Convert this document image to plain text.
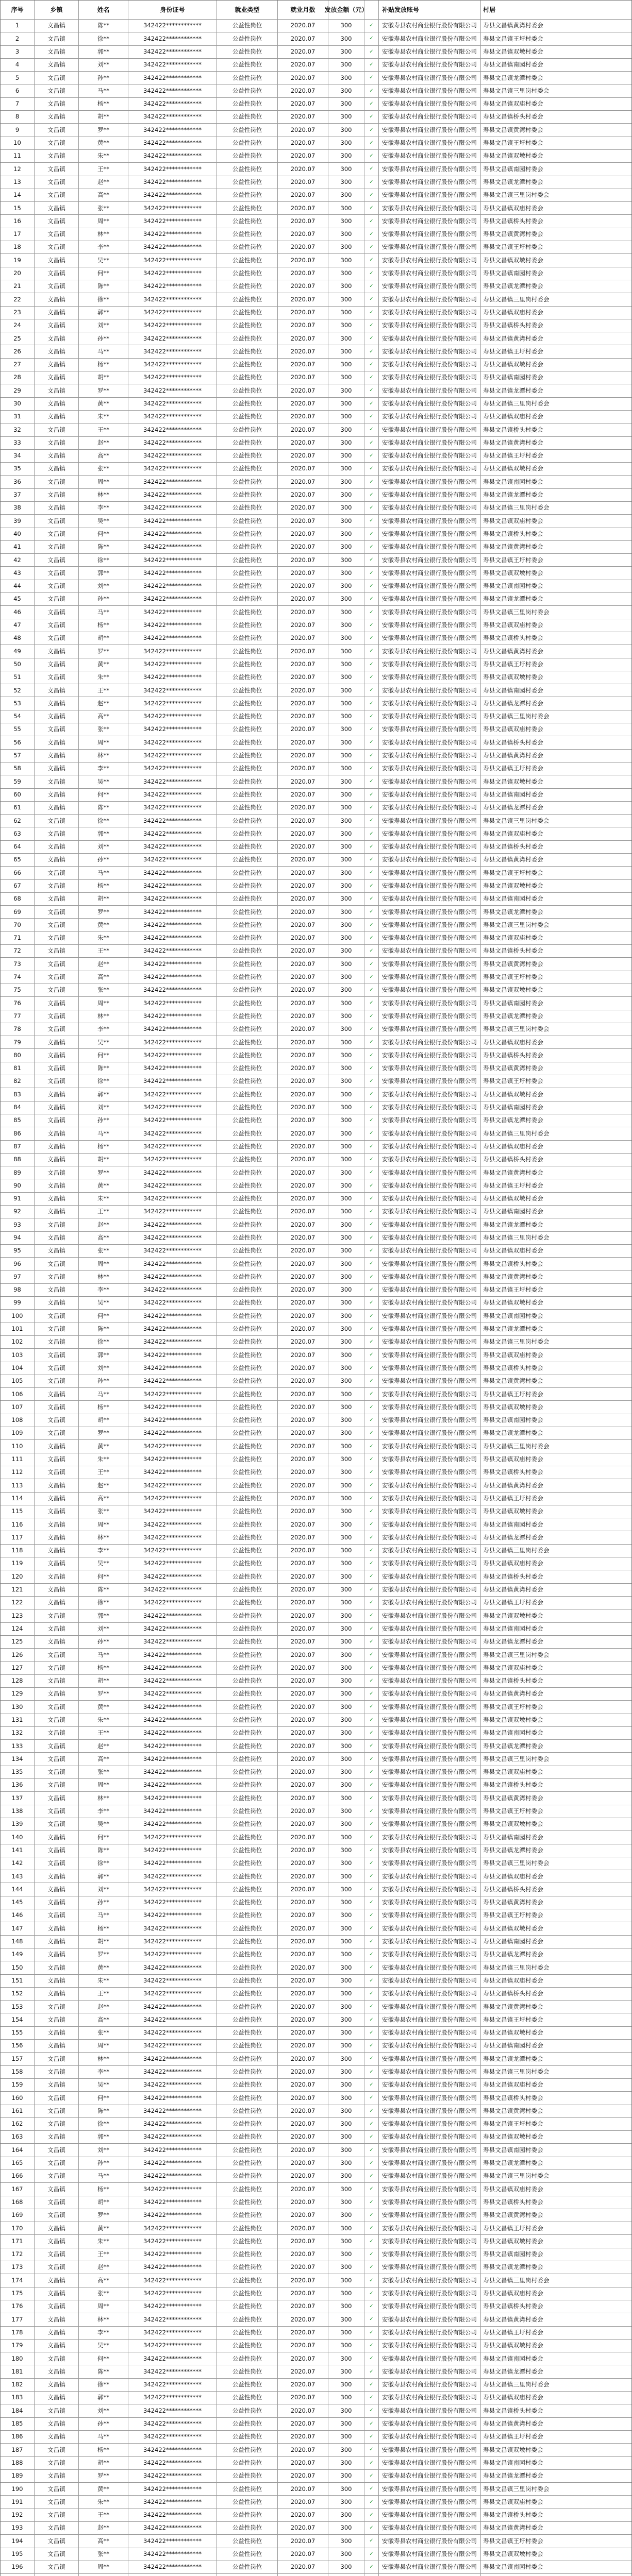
序号	乡镇	姓名	身份证号	就业类型	就业月数	发放金额（元）	补贴发放账号	村居
1	文昌镇	陈**	342422************	公益性岗位	2020.07	300	✓	安徽寿县农村商业银行股份有限公司	寿县文昌镇黄湾村委会
2	文昌镇	徐**	342422************	公益性岗位	2020.07	300	✓	安徽寿县农村商业银行股份有限公司	寿县文昌镇王圩村委会
3	文昌镇	郭**	342422************	公益性岗位	2020.07	300	✓	安徽寿县农村商业银行股份有限公司	寿县文昌镇双墩村委会
4	文昌镇	刘**	342422************	公益性岗位	2020.07	300	✓	安徽寿县农村商业银行股份有限公司	寿县文昌镇南园村委会
5	文昌镇	孙**	342422************	公益性岗位	2020.07	300	✓	安徽寿县农村商业银行股份有限公司	寿县文昌镇龙潭村委会
6	文昌镇	马**	342422************	公益性岗位	2020.07	300	✓	安徽寿县农村商业银行股份有限公司	寿县文昌镇三里岗村委会
7	文昌镇	杨**	342422************	公益性岗位	2020.07	300	✓	安徽寿县农村商业银行股份有限公司	寿县文昌镇双庙村委会
8	文昌镇	胡**	342422************	公益性岗位	2020.07	300	✓	安徽寿县农村商业银行股份有限公司	寿县文昌镇桥头村委会
9	文昌镇	罗**	342422************	公益性岗位	2020.07	300	✓	安徽寿县农村商业银行股份有限公司	寿县文昌镇黄湾村委会
10	文昌镇	黄**	342422************	公益性岗位	2020.07	300	✓	安徽寿县农村商业银行股份有限公司	寿县文昌镇王圩村委会
11	文昌镇	朱**	342422************	公益性岗位	2020.07	300	✓	安徽寿县农村商业银行股份有限公司	寿县文昌镇双墩村委会
12	文昌镇	王**	342422************	公益性岗位	2020.07	300	✓	安徽寿县农村商业银行股份有限公司	寿县文昌镇南园村委会
13	文昌镇	赵**	342422************	公益性岗位	2020.07	300	✓	安徽寿县农村商业银行股份有限公司	寿县文昌镇龙潭村委会
14	文昌镇	高**	342422************	公益性岗位	2020.07	300	✓	安徽寿县农村商业银行股份有限公司	寿县文昌镇三里岗村委会
15	文昌镇	张**	342422************	公益性岗位	2020.07	300	✓	安徽寿县农村商业银行股份有限公司	寿县文昌镇双庙村委会
16	文昌镇	周**	342422************	公益性岗位	2020.07	300	✓	安徽寿县农村商业银行股份有限公司	寿县文昌镇桥头村委会
17	文昌镇	林**	342422************	公益性岗位	2020.07	300	✓	安徽寿县农村商业银行股份有限公司	寿县文昌镇黄湾村委会
18	文昌镇	李**	342422************	公益性岗位	2020.07	300	✓	安徽寿县农村商业银行股份有限公司	寿县文昌镇王圩村委会
19	文昌镇	吴**	342422************	公益性岗位	2020.07	300	✓	安徽寿县农村商业银行股份有限公司	寿县文昌镇双墩村委会
20	文昌镇	何**	342422************	公益性岗位	2020.07	300	✓	安徽寿县农村商业银行股份有限公司	寿县文昌镇南园村委会
21	文昌镇	陈**	342422************	公益性岗位	2020.07	300	✓	安徽寿县农村商业银行股份有限公司	寿县文昌镇龙潭村委会
22	文昌镇	徐**	342422************	公益性岗位	2020.07	300	✓	安徽寿县农村商业银行股份有限公司	寿县文昌镇三里岗村委会
23	文昌镇	郭**	342422************	公益性岗位	2020.07	300	✓	安徽寿县农村商业银行股份有限公司	寿县文昌镇双庙村委会
24	文昌镇	刘**	342422************	公益性岗位	2020.07	300	✓	安徽寿县农村商业银行股份有限公司	寿县文昌镇桥头村委会
25	文昌镇	孙**	342422************	公益性岗位	2020.07	300	✓	安徽寿县农村商业银行股份有限公司	寿县文昌镇黄湾村委会
26	文昌镇	马**	342422************	公益性岗位	2020.07	300	✓	安徽寿县农村商业银行股份有限公司	寿县文昌镇王圩村委会
27	文昌镇	杨**	342422************	公益性岗位	2020.07	300	✓	安徽寿县农村商业银行股份有限公司	寿县文昌镇双墩村委会
28	文昌镇	胡**	342422************	公益性岗位	2020.07	300	✓	安徽寿县农村商业银行股份有限公司	寿县文昌镇南园村委会
29	文昌镇	罗**	342422************	公益性岗位	2020.07	300	✓	安徽寿县农村商业银行股份有限公司	寿县文昌镇龙潭村委会
30	文昌镇	黄**	342422************	公益性岗位	2020.07	300	✓	安徽寿县农村商业银行股份有限公司	寿县文昌镇三里岗村委会
31	文昌镇	朱**	342422************	公益性岗位	2020.07	300	✓	安徽寿县农村商业银行股份有限公司	寿县文昌镇双庙村委会
32	文昌镇	王**	342422************	公益性岗位	2020.07	300	✓	安徽寿县农村商业银行股份有限公司	寿县文昌镇桥头村委会
33	文昌镇	赵**	342422************	公益性岗位	2020.07	300	✓	安徽寿县农村商业银行股份有限公司	寿县文昌镇黄湾村委会
34	文昌镇	高**	342422************	公益性岗位	2020.07	300	✓	安徽寿县农村商业银行股份有限公司	寿县文昌镇王圩村委会
35	文昌镇	张**	342422************	公益性岗位	2020.07	300	✓	安徽寿县农村商业银行股份有限公司	寿县文昌镇双墩村委会
36	文昌镇	周**	342422************	公益性岗位	2020.07	300	✓	安徽寿县农村商业银行股份有限公司	寿县文昌镇南园村委会
37	文昌镇	林**	342422************	公益性岗位	2020.07	300	✓	安徽寿县农村商业银行股份有限公司	寿县文昌镇龙潭村委会
38	文昌镇	李**	342422************	公益性岗位	2020.07	300	✓	安徽寿县农村商业银行股份有限公司	寿县文昌镇三里岗村委会
39	文昌镇	吴**	342422************	公益性岗位	2020.07	300	✓	安徽寿县农村商业银行股份有限公司	寿县文昌镇双庙村委会
40	文昌镇	何**	342422************	公益性岗位	2020.07	300	✓	安徽寿县农村商业银行股份有限公司	寿县文昌镇桥头村委会
41	文昌镇	陈**	342422************	公益性岗位	2020.07	300	✓	安徽寿县农村商业银行股份有限公司	寿县文昌镇黄湾村委会
42	文昌镇	徐**	342422************	公益性岗位	2020.07	300	✓	安徽寿县农村商业银行股份有限公司	寿县文昌镇王圩村委会
43	文昌镇	郭**	342422************	公益性岗位	2020.07	300	✓	安徽寿县农村商业银行股份有限公司	寿县文昌镇双墩村委会
44	文昌镇	刘**	342422************	公益性岗位	2020.07	300	✓	安徽寿县农村商业银行股份有限公司	寿县文昌镇南园村委会
45	文昌镇	孙**	342422************	公益性岗位	2020.07	300	✓	安徽寿县农村商业银行股份有限公司	寿县文昌镇龙潭村委会
46	文昌镇	马**	342422************	公益性岗位	2020.07	300	✓	安徽寿县农村商业银行股份有限公司	寿县文昌镇三里岗村委会
47	文昌镇	杨**	342422************	公益性岗位	2020.07	300	✓	安徽寿县农村商业银行股份有限公司	寿县文昌镇双庙村委会
48	文昌镇	胡**	342422************	公益性岗位	2020.07	300	✓	安徽寿县农村商业银行股份有限公司	寿县文昌镇桥头村委会
49	文昌镇	罗**	342422************	公益性岗位	2020.07	300	✓	安徽寿县农村商业银行股份有限公司	寿县文昌镇黄湾村委会
50	文昌镇	黄**	342422************	公益性岗位	2020.07	300	✓	安徽寿县农村商业银行股份有限公司	寿县文昌镇王圩村委会
51	文昌镇	朱**	342422************	公益性岗位	2020.07	300	✓	安徽寿县农村商业银行股份有限公司	寿县文昌镇双墩村委会
52	文昌镇	王**	342422************	公益性岗位	2020.07	300	✓	安徽寿县农村商业银行股份有限公司	寿县文昌镇南园村委会
53	文昌镇	赵**	342422************	公益性岗位	2020.07	300	✓	安徽寿县农村商业银行股份有限公司	寿县文昌镇龙潭村委会
54	文昌镇	高**	342422************	公益性岗位	2020.07	300	✓	安徽寿县农村商业银行股份有限公司	寿县文昌镇三里岗村委会
55	文昌镇	张**	342422************	公益性岗位	2020.07	300	✓	安徽寿县农村商业银行股份有限公司	寿县文昌镇双庙村委会
56	文昌镇	周**	342422************	公益性岗位	2020.07	300	✓	安徽寿县农村商业银行股份有限公司	寿县文昌镇桥头村委会
57	文昌镇	林**	342422************	公益性岗位	2020.07	300	✓	安徽寿县农村商业银行股份有限公司	寿县文昌镇黄湾村委会
58	文昌镇	李**	342422************	公益性岗位	2020.07	300	✓	安徽寿县农村商业银行股份有限公司	寿县文昌镇王圩村委会
59	文昌镇	吴**	342422************	公益性岗位	2020.07	300	✓	安徽寿县农村商业银行股份有限公司	寿县文昌镇双墩村委会
60	文昌镇	何**	342422************	公益性岗位	2020.07	300	✓	安徽寿县农村商业银行股份有限公司	寿县文昌镇南园村委会
61	文昌镇	陈**	342422************	公益性岗位	2020.07	300	✓	安徽寿县农村商业银行股份有限公司	寿县文昌镇龙潭村委会
62	文昌镇	徐**	342422************	公益性岗位	2020.07	300	✓	安徽寿县农村商业银行股份有限公司	寿县文昌镇三里岗村委会
63	文昌镇	郭**	342422************	公益性岗位	2020.07	300	✓	安徽寿县农村商业银行股份有限公司	寿县文昌镇双庙村委会
64	文昌镇	刘**	342422************	公益性岗位	2020.07	300	✓	安徽寿县农村商业银行股份有限公司	寿县文昌镇桥头村委会
65	文昌镇	孙**	342422************	公益性岗位	2020.07	300	✓	安徽寿县农村商业银行股份有限公司	寿县文昌镇黄湾村委会
66	文昌镇	马**	342422************	公益性岗位	2020.07	300	✓	安徽寿县农村商业银行股份有限公司	寿县文昌镇王圩村委会
67	文昌镇	杨**	342422************	公益性岗位	2020.07	300	✓	安徽寿县农村商业银行股份有限公司	寿县文昌镇双墩村委会
68	文昌镇	胡**	342422************	公益性岗位	2020.07	300	✓	安徽寿县农村商业银行股份有限公司	寿县文昌镇南园村委会
69	文昌镇	罗**	342422************	公益性岗位	2020.07	300	✓	安徽寿县农村商业银行股份有限公司	寿县文昌镇龙潭村委会
70	文昌镇	黄**	342422************	公益性岗位	2020.07	300	✓	安徽寿县农村商业银行股份有限公司	寿县文昌镇三里岗村委会
71	文昌镇	朱**	342422************	公益性岗位	2020.07	300	✓	安徽寿县农村商业银行股份有限公司	寿县文昌镇双庙村委会
72	文昌镇	王**	342422************	公益性岗位	2020.07	300	✓	安徽寿县农村商业银行股份有限公司	寿县文昌镇桥头村委会
73	文昌镇	赵**	342422************	公益性岗位	2020.07	300	✓	安徽寿县农村商业银行股份有限公司	寿县文昌镇黄湾村委会
74	文昌镇	高**	342422************	公益性岗位	2020.07	300	✓	安徽寿县农村商业银行股份有限公司	寿县文昌镇王圩村委会
75	文昌镇	张**	342422************	公益性岗位	2020.07	300	✓	安徽寿县农村商业银行股份有限公司	寿县文昌镇双墩村委会
76	文昌镇	周**	342422************	公益性岗位	2020.07	300	✓	安徽寿县农村商业银行股份有限公司	寿县文昌镇南园村委会
77	文昌镇	林**	342422************	公益性岗位	2020.07	300	✓	安徽寿县农村商业银行股份有限公司	寿县文昌镇龙潭村委会
78	文昌镇	李**	342422************	公益性岗位	2020.07	300	✓	安徽寿县农村商业银行股份有限公司	寿县文昌镇三里岗村委会
79	文昌镇	吴**	342422************	公益性岗位	2020.07	300	✓	安徽寿县农村商业银行股份有限公司	寿县文昌镇双庙村委会
80	文昌镇	何**	342422************	公益性岗位	2020.07	300	✓	安徽寿县农村商业银行股份有限公司	寿县文昌镇桥头村委会
81	文昌镇	陈**	342422************	公益性岗位	2020.07	300	✓	安徽寿县农村商业银行股份有限公司	寿县文昌镇黄湾村委会
82	文昌镇	徐**	342422************	公益性岗位	2020.07	300	✓	安徽寿县农村商业银行股份有限公司	寿县文昌镇王圩村委会
83	文昌镇	郭**	342422************	公益性岗位	2020.07	300	✓	安徽寿县农村商业银行股份有限公司	寿县文昌镇双墩村委会
84	文昌镇	刘**	342422************	公益性岗位	2020.07	300	✓	安徽寿县农村商业银行股份有限公司	寿县文昌镇南园村委会
85	文昌镇	孙**	342422************	公益性岗位	2020.07	300	✓	安徽寿县农村商业银行股份有限公司	寿县文昌镇龙潭村委会
86	文昌镇	马**	342422************	公益性岗位	2020.07	300	✓	安徽寿县农村商业银行股份有限公司	寿县文昌镇三里岗村委会
87	文昌镇	杨**	342422************	公益性岗位	2020.07	300	✓	安徽寿县农村商业银行股份有限公司	寿县文昌镇双庙村委会
88	文昌镇	胡**	342422************	公益性岗位	2020.07	300	✓	安徽寿县农村商业银行股份有限公司	寿县文昌镇桥头村委会
89	文昌镇	罗**	342422************	公益性岗位	2020.07	300	✓	安徽寿县农村商业银行股份有限公司	寿县文昌镇黄湾村委会
90	文昌镇	黄**	342422************	公益性岗位	2020.07	300	✓	安徽寿县农村商业银行股份有限公司	寿县文昌镇王圩村委会
91	文昌镇	朱**	342422************	公益性岗位	2020.07	300	✓	安徽寿县农村商业银行股份有限公司	寿县文昌镇双墩村委会
92	文昌镇	王**	342422************	公益性岗位	2020.07	300	✓	安徽寿县农村商业银行股份有限公司	寿县文昌镇南园村委会
93	文昌镇	赵**	342422************	公益性岗位	2020.07	300	✓	安徽寿县农村商业银行股份有限公司	寿县文昌镇龙潭村委会
94	文昌镇	高**	342422************	公益性岗位	2020.07	300	✓	安徽寿县农村商业银行股份有限公司	寿县文昌镇三里岗村委会
95	文昌镇	张**	342422************	公益性岗位	2020.07	300	✓	安徽寿县农村商业银行股份有限公司	寿县文昌镇双庙村委会
96	文昌镇	周**	342422************	公益性岗位	2020.07	300	✓	安徽寿县农村商业银行股份有限公司	寿县文昌镇桥头村委会
97	文昌镇	林**	342422************	公益性岗位	2020.07	300	✓	安徽寿县农村商业银行股份有限公司	寿县文昌镇黄湾村委会
98	文昌镇	李**	342422************	公益性岗位	2020.07	300	✓	安徽寿县农村商业银行股份有限公司	寿县文昌镇王圩村委会
99	文昌镇	吴**	342422************	公益性岗位	2020.07	300	✓	安徽寿县农村商业银行股份有限公司	寿县文昌镇双墩村委会
100	文昌镇	何**	342422************	公益性岗位	2020.07	300	✓	安徽寿县农村商业银行股份有限公司	寿县文昌镇南园村委会
101	文昌镇	陈**	342422************	公益性岗位	2020.07	300	✓	安徽寿县农村商业银行股份有限公司	寿县文昌镇龙潭村委会
102	文昌镇	徐**	342422************	公益性岗位	2020.07	300	✓	安徽寿县农村商业银行股份有限公司	寿县文昌镇三里岗村委会
103	文昌镇	郭**	342422************	公益性岗位	2020.07	300	✓	安徽寿县农村商业银行股份有限公司	寿县文昌镇双庙村委会
104	文昌镇	刘**	342422************	公益性岗位	2020.07	300	✓	安徽寿县农村商业银行股份有限公司	寿县文昌镇桥头村委会
105	文昌镇	孙**	342422************	公益性岗位	2020.07	300	✓	安徽寿县农村商业银行股份有限公司	寿县文昌镇黄湾村委会
106	文昌镇	马**	342422************	公益性岗位	2020.07	300	✓	安徽寿县农村商业银行股份有限公司	寿县文昌镇王圩村委会
107	文昌镇	杨**	342422************	公益性岗位	2020.07	300	✓	安徽寿县农村商业银行股份有限公司	寿县文昌镇双墩村委会
108	文昌镇	胡**	342422************	公益性岗位	2020.07	300	✓	安徽寿县农村商业银行股份有限公司	寿县文昌镇南园村委会
109	文昌镇	罗**	342422************	公益性岗位	2020.07	300	✓	安徽寿县农村商业银行股份有限公司	寿县文昌镇龙潭村委会
110	文昌镇	黄**	342422************	公益性岗位	2020.07	300	✓	安徽寿县农村商业银行股份有限公司	寿县文昌镇三里岗村委会
111	文昌镇	朱**	342422************	公益性岗位	2020.07	300	✓	安徽寿县农村商业银行股份有限公司	寿县文昌镇双庙村委会
112	文昌镇	王**	342422************	公益性岗位	2020.07	300	✓	安徽寿县农村商业银行股份有限公司	寿县文昌镇桥头村委会
113	文昌镇	赵**	342422************	公益性岗位	2020.07	300	✓	安徽寿县农村商业银行股份有限公司	寿县文昌镇黄湾村委会
114	文昌镇	高**	342422************	公益性岗位	2020.07	300	✓	安徽寿县农村商业银行股份有限公司	寿县文昌镇王圩村委会
115	文昌镇	张**	342422************	公益性岗位	2020.07	300	✓	安徽寿县农村商业银行股份有限公司	寿县文昌镇双墩村委会
116	文昌镇	周**	342422************	公益性岗位	2020.07	300	✓	安徽寿县农村商业银行股份有限公司	寿县文昌镇南园村委会
117	文昌镇	林**	342422************	公益性岗位	2020.07	300	✓	安徽寿县农村商业银行股份有限公司	寿县文昌镇龙潭村委会
118	文昌镇	李**	342422************	公益性岗位	2020.07	300	✓	安徽寿县农村商业银行股份有限公司	寿县文昌镇三里岗村委会
119	文昌镇	吴**	342422************	公益性岗位	2020.07	300	✓	安徽寿县农村商业银行股份有限公司	寿县文昌镇双庙村委会
120	文昌镇	何**	342422************	公益性岗位	2020.07	300	✓	安徽寿县农村商业银行股份有限公司	寿县文昌镇桥头村委会
121	文昌镇	陈**	342422************	公益性岗位	2020.07	300	✓	安徽寿县农村商业银行股份有限公司	寿县文昌镇黄湾村委会
122	文昌镇	徐**	342422************	公益性岗位	2020.07	300	✓	安徽寿县农村商业银行股份有限公司	寿县文昌镇王圩村委会
123	文昌镇	郭**	342422************	公益性岗位	2020.07	300	✓	安徽寿县农村商业银行股份有限公司	寿县文昌镇双墩村委会
124	文昌镇	刘**	342422************	公益性岗位	2020.07	300	✓	安徽寿县农村商业银行股份有限公司	寿县文昌镇南园村委会
125	文昌镇	孙**	342422************	公益性岗位	2020.07	300	✓	安徽寿县农村商业银行股份有限公司	寿县文昌镇龙潭村委会
126	文昌镇	马**	342422************	公益性岗位	2020.07	300	✓	安徽寿县农村商业银行股份有限公司	寿县文昌镇三里岗村委会
127	文昌镇	杨**	342422************	公益性岗位	2020.07	300	✓	安徽寿县农村商业银行股份有限公司	寿县文昌镇双庙村委会
128	文昌镇	胡**	342422************	公益性岗位	2020.07	300	✓	安徽寿县农村商业银行股份有限公司	寿县文昌镇桥头村委会
129	文昌镇	罗**	342422************	公益性岗位	2020.07	300	✓	安徽寿县农村商业银行股份有限公司	寿县文昌镇黄湾村委会
130	文昌镇	黄**	342422************	公益性岗位	2020.07	300	✓	安徽寿县农村商业银行股份有限公司	寿县文昌镇王圩村委会
131	文昌镇	朱**	342422************	公益性岗位	2020.07	300	✓	安徽寿县农村商业银行股份有限公司	寿县文昌镇双墩村委会
132	文昌镇	王**	342422************	公益性岗位	2020.07	300	✓	安徽寿县农村商业银行股份有限公司	寿县文昌镇南园村委会
133	文昌镇	赵**	342422************	公益性岗位	2020.07	300	✓	安徽寿县农村商业银行股份有限公司	寿县文昌镇龙潭村委会
134	文昌镇	高**	342422************	公益性岗位	2020.07	300	✓	安徽寿县农村商业银行股份有限公司	寿县文昌镇三里岗村委会
135	文昌镇	张**	342422************	公益性岗位	2020.07	300	✓	安徽寿县农村商业银行股份有限公司	寿县文昌镇双庙村委会
136	文昌镇	周**	342422************	公益性岗位	2020.07	300	✓	安徽寿县农村商业银行股份有限公司	寿县文昌镇桥头村委会
137	文昌镇	林**	342422************	公益性岗位	2020.07	300	✓	安徽寿县农村商业银行股份有限公司	寿县文昌镇黄湾村委会
138	文昌镇	李**	342422************	公益性岗位	2020.07	300	✓	安徽寿县农村商业银行股份有限公司	寿县文昌镇王圩村委会
139	文昌镇	吴**	342422************	公益性岗位	2020.07	300	✓	安徽寿县农村商业银行股份有限公司	寿县文昌镇双墩村委会
140	文昌镇	何**	342422************	公益性岗位	2020.07	300	✓	安徽寿县农村商业银行股份有限公司	寿县文昌镇南园村委会
141	文昌镇	陈**	342422************	公益性岗位	2020.07	300	✓	安徽寿县农村商业银行股份有限公司	寿县文昌镇龙潭村委会
142	文昌镇	徐**	342422************	公益性岗位	2020.07	300	✓	安徽寿县农村商业银行股份有限公司	寿县文昌镇三里岗村委会
143	文昌镇	郭**	342422************	公益性岗位	2020.07	300	✓	安徽寿县农村商业银行股份有限公司	寿县文昌镇双庙村委会
144	文昌镇	刘**	342422************	公益性岗位	2020.07	300	✓	安徽寿县农村商业银行股份有限公司	寿县文昌镇桥头村委会
145	文昌镇	孙**	342422************	公益性岗位	2020.07	300	✓	安徽寿县农村商业银行股份有限公司	寿县文昌镇黄湾村委会
146	文昌镇	马**	342422************	公益性岗位	2020.07	300	✓	安徽寿县农村商业银行股份有限公司	寿县文昌镇王圩村委会
147	文昌镇	杨**	342422************	公益性岗位	2020.07	300	✓	安徽寿县农村商业银行股份有限公司	寿县文昌镇双墩村委会
148	文昌镇	胡**	342422************	公益性岗位	2020.07	300	✓	安徽寿县农村商业银行股份有限公司	寿县文昌镇南园村委会
149	文昌镇	罗**	342422************	公益性岗位	2020.07	300	✓	安徽寿县农村商业银行股份有限公司	寿县文昌镇龙潭村委会
150	文昌镇	黄**	342422************	公益性岗位	2020.07	300	✓	安徽寿县农村商业银行股份有限公司	寿县文昌镇三里岗村委会
151	文昌镇	朱**	342422************	公益性岗位	2020.07	300	✓	安徽寿县农村商业银行股份有限公司	寿县文昌镇双庙村委会
152	文昌镇	王**	342422************	公益性岗位	2020.07	300	✓	安徽寿县农村商业银行股份有限公司	寿县文昌镇桥头村委会
153	文昌镇	赵**	342422************	公益性岗位	2020.07	300	✓	安徽寿县农村商业银行股份有限公司	寿县文昌镇黄湾村委会
154	文昌镇	高**	342422************	公益性岗位	2020.07	300	✓	安徽寿县农村商业银行股份有限公司	寿县文昌镇王圩村委会
155	文昌镇	张**	342422************	公益性岗位	2020.07	300	✓	安徽寿县农村商业银行股份有限公司	寿县文昌镇双墩村委会
156	文昌镇	周**	342422************	公益性岗位	2020.07	300	✓	安徽寿县农村商业银行股份有限公司	寿县文昌镇南园村委会
157	文昌镇	林**	342422************	公益性岗位	2020.07	300	✓	安徽寿县农村商业银行股份有限公司	寿县文昌镇龙潭村委会
158	文昌镇	李**	342422************	公益性岗位	2020.07	300	✓	安徽寿县农村商业银行股份有限公司	寿县文昌镇三里岗村委会
159	文昌镇	吴**	342422************	公益性岗位	2020.07	300	✓	安徽寿县农村商业银行股份有限公司	寿县文昌镇双庙村委会
160	文昌镇	何**	342422************	公益性岗位	2020.07	300	✓	安徽寿县农村商业银行股份有限公司	寿县文昌镇桥头村委会
161	文昌镇	陈**	342422************	公益性岗位	2020.07	300	✓	安徽寿县农村商业银行股份有限公司	寿县文昌镇黄湾村委会
162	文昌镇	徐**	342422************	公益性岗位	2020.07	300	✓	安徽寿县农村商业银行股份有限公司	寿县文昌镇王圩村委会
163	文昌镇	郭**	342422************	公益性岗位	2020.07	300	✓	安徽寿县农村商业银行股份有限公司	寿县文昌镇双墩村委会
164	文昌镇	刘**	342422************	公益性岗位	2020.07	300	✓	安徽寿县农村商业银行股份有限公司	寿县文昌镇南园村委会
165	文昌镇	孙**	342422************	公益性岗位	2020.07	300	✓	安徽寿县农村商业银行股份有限公司	寿县文昌镇龙潭村委会
166	文昌镇	马**	342422************	公益性岗位	2020.07	300	✓	安徽寿县农村商业银行股份有限公司	寿县文昌镇三里岗村委会
167	文昌镇	杨**	342422************	公益性岗位	2020.07	300	✓	安徽寿县农村商业银行股份有限公司	寿县文昌镇双庙村委会
168	文昌镇	胡**	342422************	公益性岗位	2020.07	300	✓	安徽寿县农村商业银行股份有限公司	寿县文昌镇桥头村委会
169	文昌镇	罗**	342422************	公益性岗位	2020.07	300	✓	安徽寿县农村商业银行股份有限公司	寿县文昌镇黄湾村委会
170	文昌镇	黄**	342422************	公益性岗位	2020.07	300	✓	安徽寿县农村商业银行股份有限公司	寿县文昌镇王圩村委会
171	文昌镇	朱**	342422************	公益性岗位	2020.07	300	✓	安徽寿县农村商业银行股份有限公司	寿县文昌镇双墩村委会
172	文昌镇	王**	342422************	公益性岗位	2020.07	300	✓	安徽寿县农村商业银行股份有限公司	寿县文昌镇南园村委会
173	文昌镇	赵**	342422************	公益性岗位	2020.07	300	✓	安徽寿县农村商业银行股份有限公司	寿县文昌镇龙潭村委会
174	文昌镇	高**	342422************	公益性岗位	2020.07	300	✓	安徽寿县农村商业银行股份有限公司	寿县文昌镇三里岗村委会
175	文昌镇	张**	342422************	公益性岗位	2020.07	300	✓	安徽寿县农村商业银行股份有限公司	寿县文昌镇双庙村委会
176	文昌镇	周**	342422************	公益性岗位	2020.07	300	✓	安徽寿县农村商业银行股份有限公司	寿县文昌镇桥头村委会
177	文昌镇	林**	342422************	公益性岗位	2020.07	300	✓	安徽寿县农村商业银行股份有限公司	寿县文昌镇黄湾村委会
178	文昌镇	李**	342422************	公益性岗位	2020.07	300	✓	安徽寿县农村商业银行股份有限公司	寿县文昌镇王圩村委会
179	文昌镇	吴**	342422************	公益性岗位	2020.07	300	✓	安徽寿县农村商业银行股份有限公司	寿县文昌镇双墩村委会
180	文昌镇	何**	342422************	公益性岗位	2020.07	300	✓	安徽寿县农村商业银行股份有限公司	寿县文昌镇南园村委会
181	文昌镇	陈**	342422************	公益性岗位	2020.07	300	✓	安徽寿县农村商业银行股份有限公司	寿县文昌镇龙潭村委会
182	文昌镇	徐**	342422************	公益性岗位	2020.07	300	✓	安徽寿县农村商业银行股份有限公司	寿县文昌镇三里岗村委会
183	文昌镇	郭**	342422************	公益性岗位	2020.07	300	✓	安徽寿县农村商业银行股份有限公司	寿县文昌镇双庙村委会
184	文昌镇	刘**	342422************	公益性岗位	2020.07	300	✓	安徽寿县农村商业银行股份有限公司	寿县文昌镇桥头村委会
185	文昌镇	孙**	342422************	公益性岗位	2020.07	300	✓	安徽寿县农村商业银行股份有限公司	寿县文昌镇黄湾村委会
186	文昌镇	马**	342422************	公益性岗位	2020.07	300	✓	安徽寿县农村商业银行股份有限公司	寿县文昌镇王圩村委会
187	文昌镇	杨**	342422************	公益性岗位	2020.07	300	✓	安徽寿县农村商业银行股份有限公司	寿县文昌镇双墩村委会
188	文昌镇	胡**	342422************	公益性岗位	2020.07	300	✓	安徽寿县农村商业银行股份有限公司	寿县文昌镇南园村委会
189	文昌镇	罗**	342422************	公益性岗位	2020.07	300	✓	安徽寿县农村商业银行股份有限公司	寿县文昌镇龙潭村委会
190	文昌镇	黄**	342422************	公益性岗位	2020.07	300	✓	安徽寿县农村商业银行股份有限公司	寿县文昌镇三里岗村委会
191	文昌镇	朱**	342422************	公益性岗位	2020.07	300	✓	安徽寿县农村商业银行股份有限公司	寿县文昌镇双庙村委会
192	文昌镇	王**	342422************	公益性岗位	2020.07	300	✓	安徽寿县农村商业银行股份有限公司	寿县文昌镇桥头村委会
193	文昌镇	赵**	342422************	公益性岗位	2020.07	300	✓	安徽寿县农村商业银行股份有限公司	寿县文昌镇黄湾村委会
194	文昌镇	高**	342422************	公益性岗位	2020.07	300	✓	安徽寿县农村商业银行股份有限公司	寿县文昌镇王圩村委会
195	文昌镇	张**	342422************	公益性岗位	2020.07	300	✓	安徽寿县农村商业银行股份有限公司	寿县文昌镇双墩村委会
196	文昌镇	周**	342422************	公益性岗位	2020.07	300	✓	安徽寿县农村商业银行股份有限公司	寿县文昌镇南园村委会
